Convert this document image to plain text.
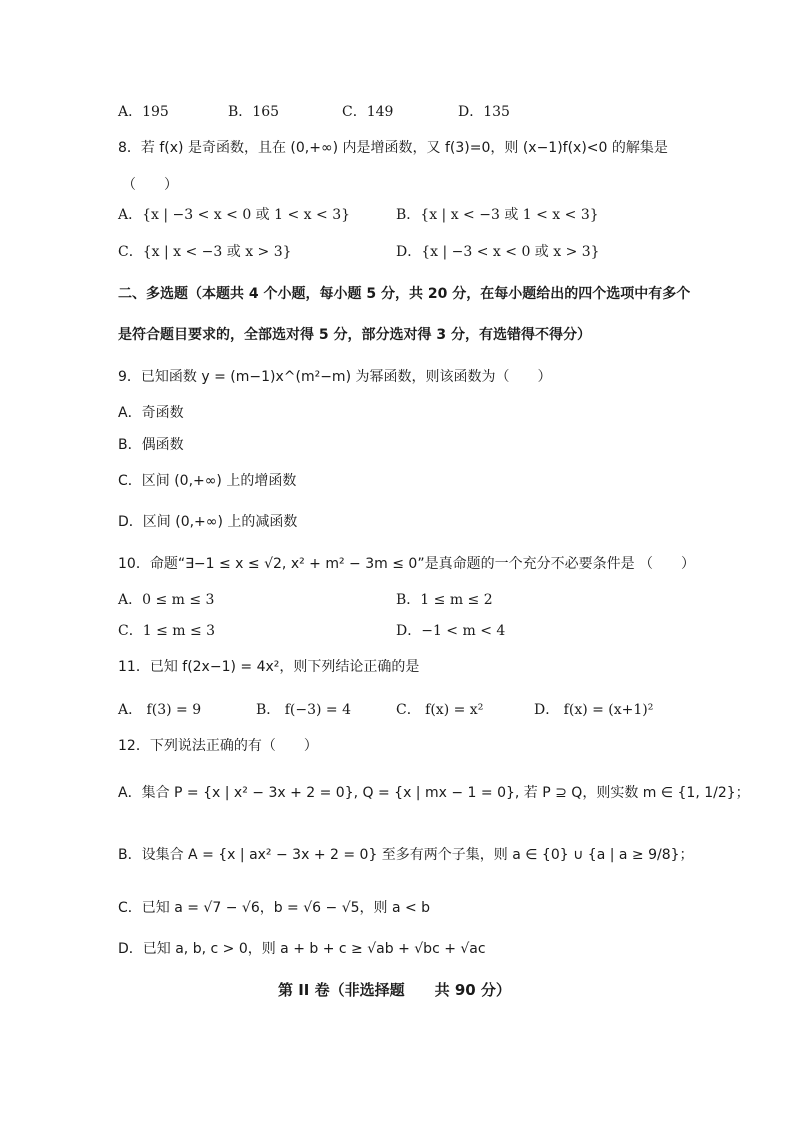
A．195	B．165	C．149	D．135
8．若 f(x) 是奇函数，且在 (0,+∞) 内是增函数，又 f(3)=0，则 (x−1)f(x)<0 的解集是
（　　）
A．{x | −3 < x < 0 或 1 < x < 3}	B．{x | x < −3 或 1 < x < 3}
C．{x | x < −3 或 x > 3}	D．{x | −3 < x < 0 或 x > 3}
二、多选题（本题共 4 个小题，每小题 5 分，共 20 分，在每小题给出的四个选项中有多个
是符合题目要求的，全部选对得 5 分，部分选对得 3 分，有选错得不得分）
9．已知函数 y = (m−1)x^(m²−m) 为幂函数，则该函数为（　　）
A．奇函数
B．偶函数
C．区间 (0,+∞) 上的增函数
D．区间 (0,+∞) 上的减函数
10．命题“∃−1 ≤ x ≤ √2, x² + m² − 3m ≤ 0”是真命题的一个充分不必要条件是 （　　）
A．0 ≤ m ≤ 3	B．1 ≤ m ≤ 2
C．1 ≤ m ≤ 3	D．−1 < m < 4
11．已知 f(2x−1) = 4x²，则下列结论正确的是
A． f(3) = 9	B． f(−3) = 4	C． f(x) = x²	D． f(x) = (x+1)²
12．下列说法正确的有（　　）
A．集合 P = {x | x² − 3x + 2 = 0}, Q = {x | mx − 1 = 0}, 若 P ⊇ Q，则实数 m ∈ {1, 1/2}；
B．设集合 A = {x | ax² − 3x + 2 = 0} 至多有两个子集，则 a ∈ {0} ∪ {a | a ≥ 9/8}；
C．已知 a = √7 − √6，b = √6 − √5，则 a < b
D．已知 a, b, c > 0，则 a + b + c ≥ √ab + √bc + √ac
第 II 卷（非选择题　　共 90 分）
